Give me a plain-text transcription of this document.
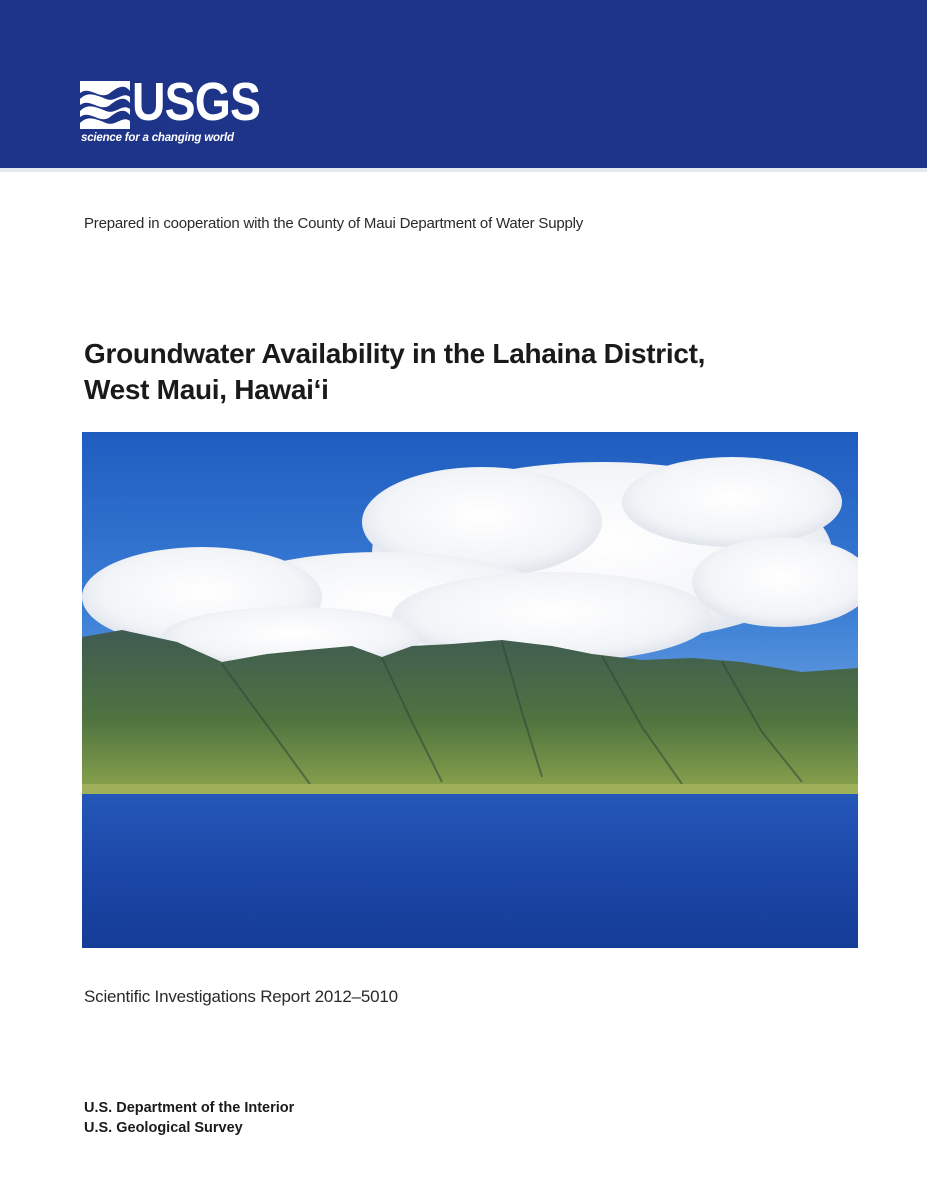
USGS
science for a changing world
Prepared in cooperation with the County of Maui Department of Water Supply
Groundwater Availability in the Lahaina District,
West Maui, Hawai‘i
Scientific Investigations Report 2012–5010
U.S. Department of the Interior
U.S. Geological Survey
